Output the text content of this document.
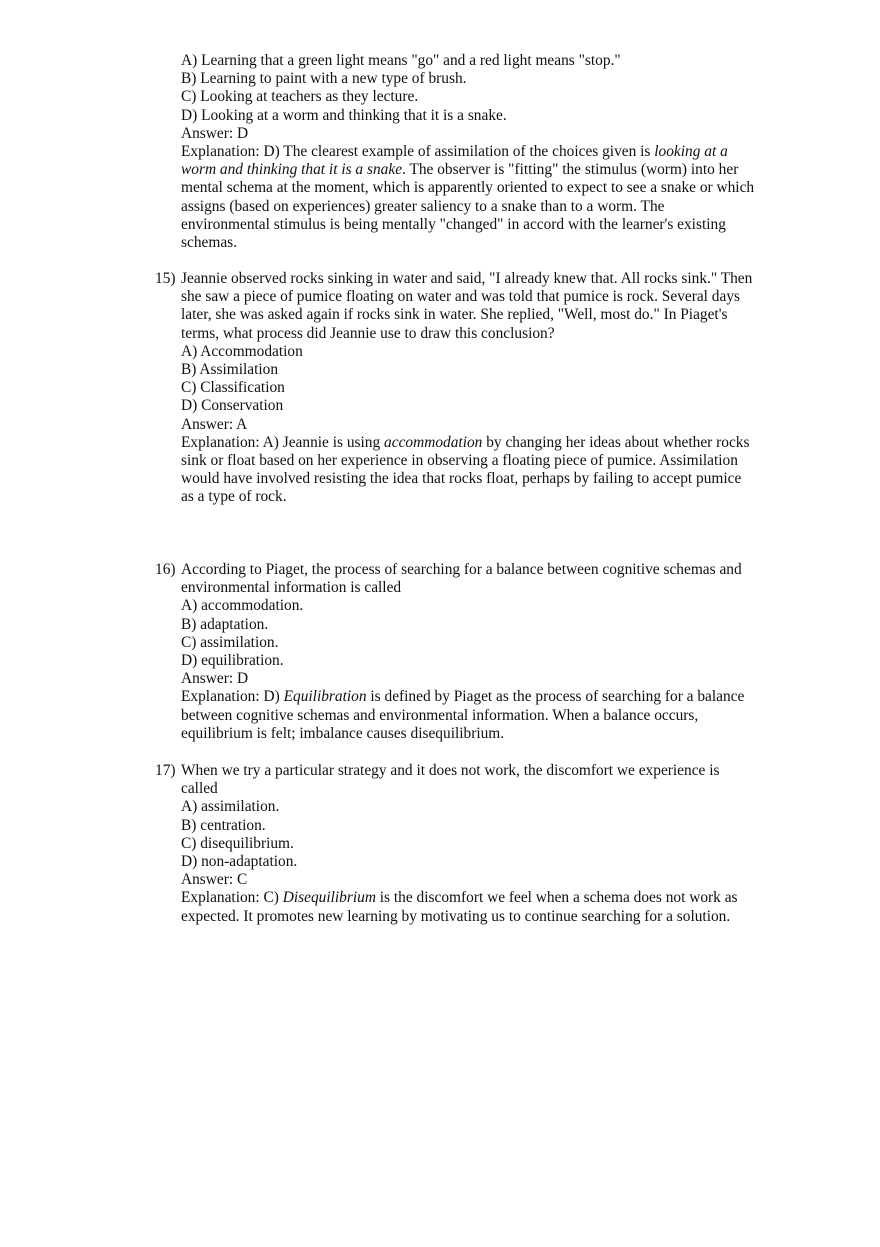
A) Learning that a green light means "go" and a red light means "stop."
B) Learning to paint with a new type of brush.
C) Looking at teachers as they lecture.
D) Looking at a worm and thinking that it is a snake.
Answer: D
Explanation: D) The clearest example of assimilation of the choices given is looking at a worm and thinking that it is a snake. The observer is "fitting" the stimulus (worm) into her mental schema at the moment, which is apparently oriented to expect to see a snake or which assigns (based on experiences) greater saliency to a snake than to a worm. The environmental stimulus is being mentally "changed" in accord with the learner's existing schemas.
15) Jeannie observed rocks sinking in water and said, "I already knew that. All rocks sink." Then she saw a piece of pumice floating on water and was told that pumice is rock. Several days later, she was asked again if rocks sink in water. She replied, "Well, most do." In Piaget's terms, what process did Jeannie use to draw this conclusion?
A) Accommodation
B) Assimilation
C) Classification
D) Conservation
Answer: A
Explanation: A) Jeannie is using accommodation by changing her ideas about whether rocks sink or float based on her experience in observing a floating piece of pumice. Assimilation would have involved resisting the idea that rocks float, perhaps by failing to accept pumice as a type of rock.
16) According to Piaget, the process of searching for a balance between cognitive schemas and environmental information is called
A) accommodation.
B) adaptation.
C) assimilation.
D) equilibration.
Answer: D
Explanation: D) Equilibration is defined by Piaget as the process of searching for a balance between cognitive schemas and environmental information. When a balance occurs, equilibrium is felt; imbalance causes disequilibrium.
17) When we try a particular strategy and it does not work, the discomfort we experience is called
A) assimilation.
B) centration.
C) disequilibrium.
D) non-adaptation.
Answer: C
Explanation: C) Disequilibrium is the discomfort we feel when a schema does not work as expected. It promotes new learning by motivating us to continue searching for a solution.
